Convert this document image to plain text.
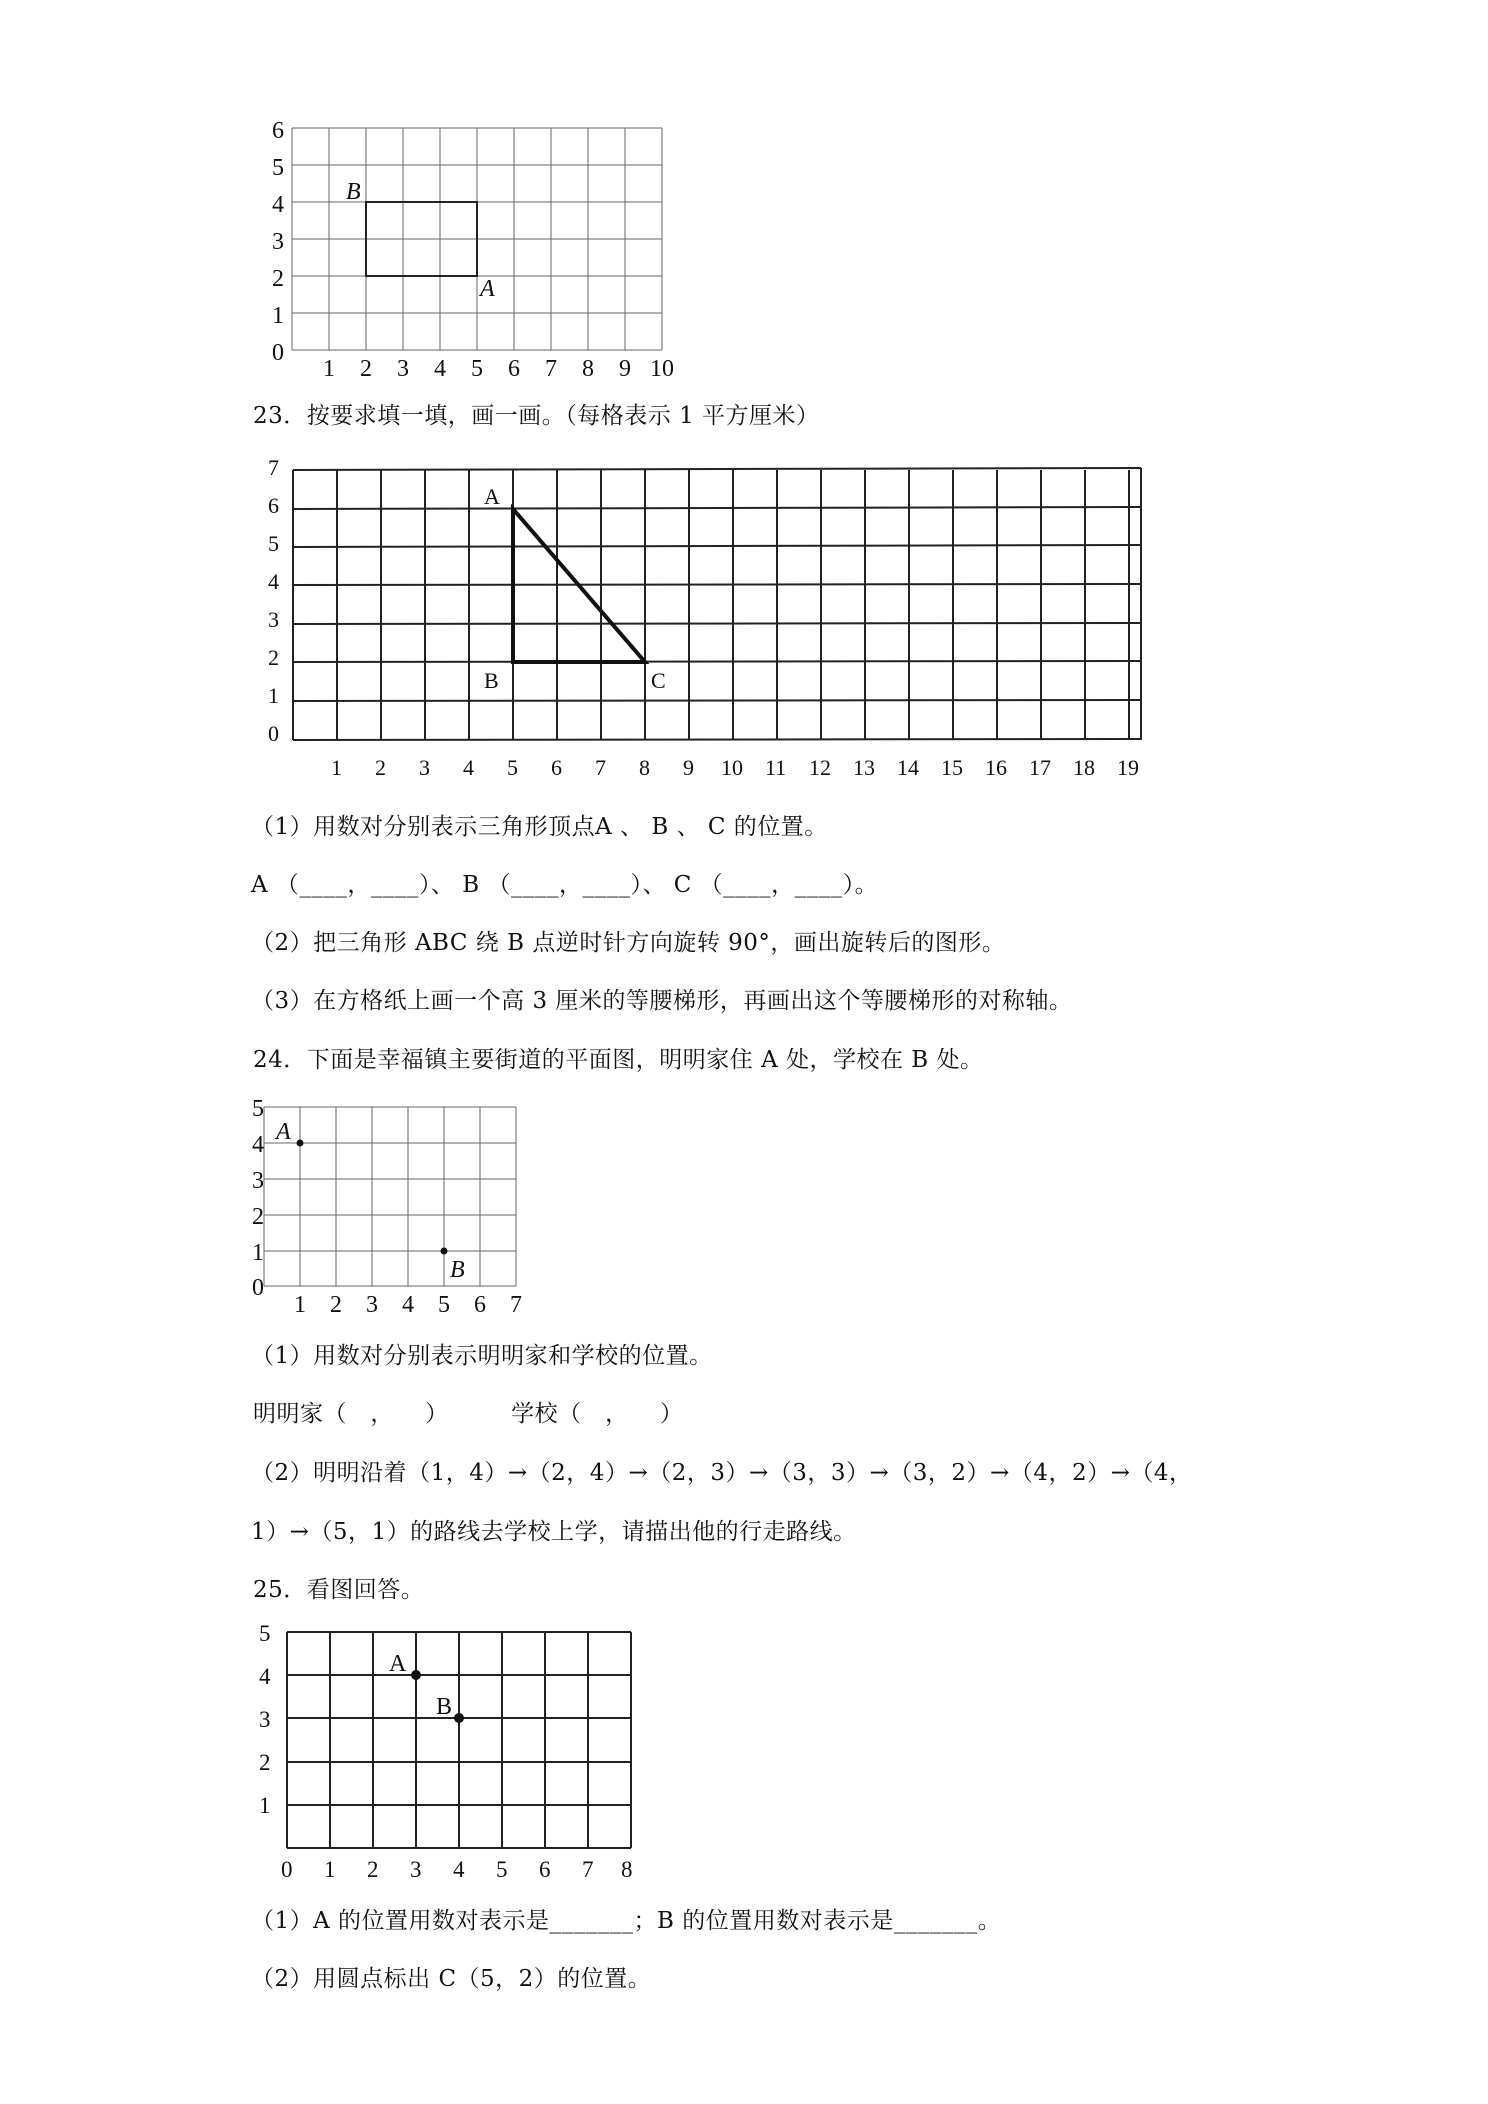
0
1
2
3
4
5
6
1 2 3 4 5 6 7 8 9 10
B
A
23．按要求填一填，画一画。（每格表示 1 平方厘米）
0
1
2
3
4
5
6
7
1 2 3 4 5 6 7 8 9 10 11 12 13 14 15 16 17 18 19
A
B	C
（1）用数对分别表示三角形顶点A 、 B 、 C 的位置。
A （____，____）、 B （____，____）、 C （____，____）。
（2）把三角形 ABC 绕 B 点逆时针方向旋转 90°，画出旋转后的图形。
（3）在方格纸上画一个高 3 厘米的等腰梯形，再画出这个等腰梯形的对称轴。
24．下面是幸福镇主要街道的平面图，明明家住 A 处，学校在 B 处。
0
1
2
3
4
5
1 2 3 4 5 6 7
A
B
（1）用数对分别表示明明家和学校的位置。
明明家（   ，    ）        学校（   ，    ）
（2）明明沿着（1，4）→（2，4）→（2，3）→（3，3）→（3，2）→（4，2）→（4，
1）→（5，1）的路线去学校上学，请描出他的行走路线。
25．看图回答。
1
2
3
4
5
0 1 2 3 4 5 6 7 8
A
B
（1）A 的位置用数对表示是_______；B 的位置用数对表示是_______。
（2）用圆点标出 C（5，2）的位置。
